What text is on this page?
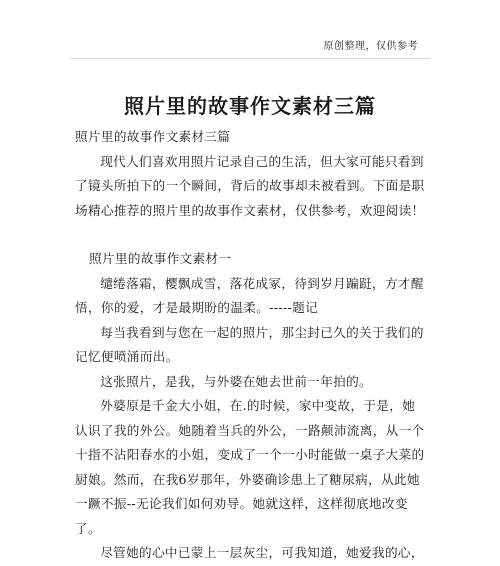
原创整理，仅供参考
照片里的故事作文素材三篇

照片里的故事作文素材三篇

现代人们喜欢用照片记录自己的生活，但大家可能只看到了镜头所拍下的一个瞬间，背后的故事却未被看到。下面是职场精心推荐的照片里的故事作文素材，仅供参考，欢迎阅读！

照片里的故事作文素材一

缱绻落霜，樱飘成雪，落花成冢，待到岁月蹁跹，方才醒悟，你的爱，才是最期盼的温柔。-----题记

每当我看到与您在一起的照片，那尘封已久的关于我们的记忆便喷涌而出。

这张照片，是我，与外婆在她去世前一年拍的。

外婆原是千金大小姐，在.的时候，家中变故，于是，她认识了我的外公。她随着当兵的外公，一路颠沛流离，从一个十指不沾阳春水的小姐，变成了一个一小时能做一桌子大菜的厨娘。然而，在我6岁那年，外婆确诊患上了糖尿病，从此她一蹶不振--无论我们如何劝导。她就这样，这样彻底地改变了。

尽管她的心中已蒙上一层灰尘，可我知道，她爱我的心，
